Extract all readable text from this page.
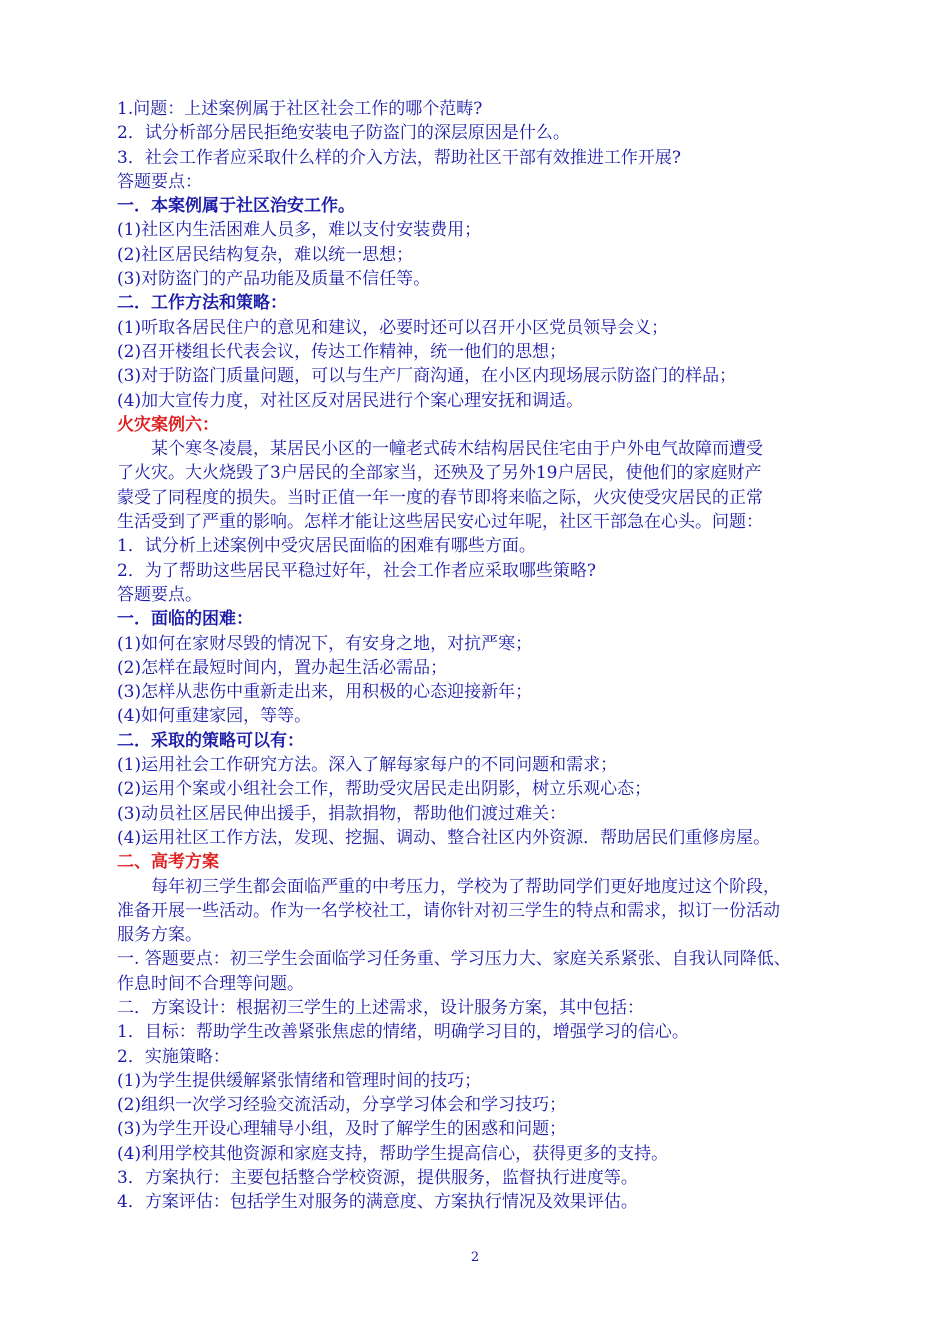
1.问题：上述案例属于社区社会工作的哪个范畴?
2．试分析部分居民拒绝安装电子防盗门的深层原因是什么。
3．社会工作者应采取什么样的介入方法，帮助社区干部有效推进工作开展?
答题要点：
一．本案例属于社区治安工作。
(1)社区内生活困难人员多，难以支付安装费用；
(2)社区居民结构复杂，难以统一思想；
(3)对防盗门的产品功能及质量不信任等。
二．工作方法和策略：
(1)听取各居民住户的意见和建议，必要时还可以召开小区党员领导会义；
(2)召开楼组长代表会议，传达工作精神，统一他们的思想；
(3)对于防盗门质量问题，可以与生产厂商沟通，在小区内现场展示防盗门的样品；
(4)加大宣传力度，对社区反对居民进行个案心理安抚和调适。
火灾案例六：
某个寒冬凌晨，某居民小区的一幢老式砖木结构居民住宅由于户外电气故障而遭受
了火灾。大火烧毁了3户居民的全部家当，还殃及了另外19户居民，使他们的家庭财产
蒙受了同程度的损失。当时正值一年一度的春节即将来临之际，火灾使受灾居民的正常
生活受到了严重的影响。怎样才能让这些居民安心过年呢，社区干部急在心头。问题：
1．试分析上述案例中受灾居民面临的困难有哪些方面。
2．为了帮助这些居民平稳过好年，社会工作者应采取哪些策略?
答题要点。
一．面临的困难：
(1)如何在家财尽毁的情况下，有安身之地，对抗严寒；
(2)怎样在最短时间内，置办起生活必需品；
(3)怎样从悲伤中重新走出来，用积极的心态迎接新年；
(4)如何重建家园，等等。
二．采取的策略可以有：
(1)运用社会工作研究方法。深入了解每家每户的不同问题和需求；
(2)运用个案或小组社会工作，帮助受灾居民走出阴影，树立乐观心态；
(3)动员社区居民伸出援手，捐款捐物，帮助他们渡过难关：
(4)运用社区工作方法，发现、挖掘、调动、整合社区内外资源．帮助居民们重修房屋。
二、高考方案
每年初三学生都会面临严重的中考压力，学校为了帮助同学们更好地度过这个阶段，
准备开展一些活动。作为一名学校社工，请你针对初三学生的特点和需求，拟订一份活动
服务方案。
一. 答题要点：初三学生会面临学习任务重、学习压力大、家庭关系紧张、自我认同降低、
作息时间不合理等问题。
二．方案设计：根据初三学生的上述需求，设计服务方案，其中包括：
1．目标：帮助学生改善紧张焦虑的情绪，明确学习目的，增强学习的信心。
2．实施策略：
(1)为学生提供缓解紧张情绪和管理时间的技巧；
(2)组织一次学习经验交流活动，分享学习体会和学习技巧；
(3)为学生开设心理辅导小组，及时了解学生的困惑和问题；
(4)利用学校其他资源和家庭支持，帮助学生提高信心，获得更多的支持。
3．方案执行：主要包括整合学校资源，提供服务，监督执行进度等。
4．方案评估：包括学生对服务的满意度、方案执行情况及效果评估。
2
